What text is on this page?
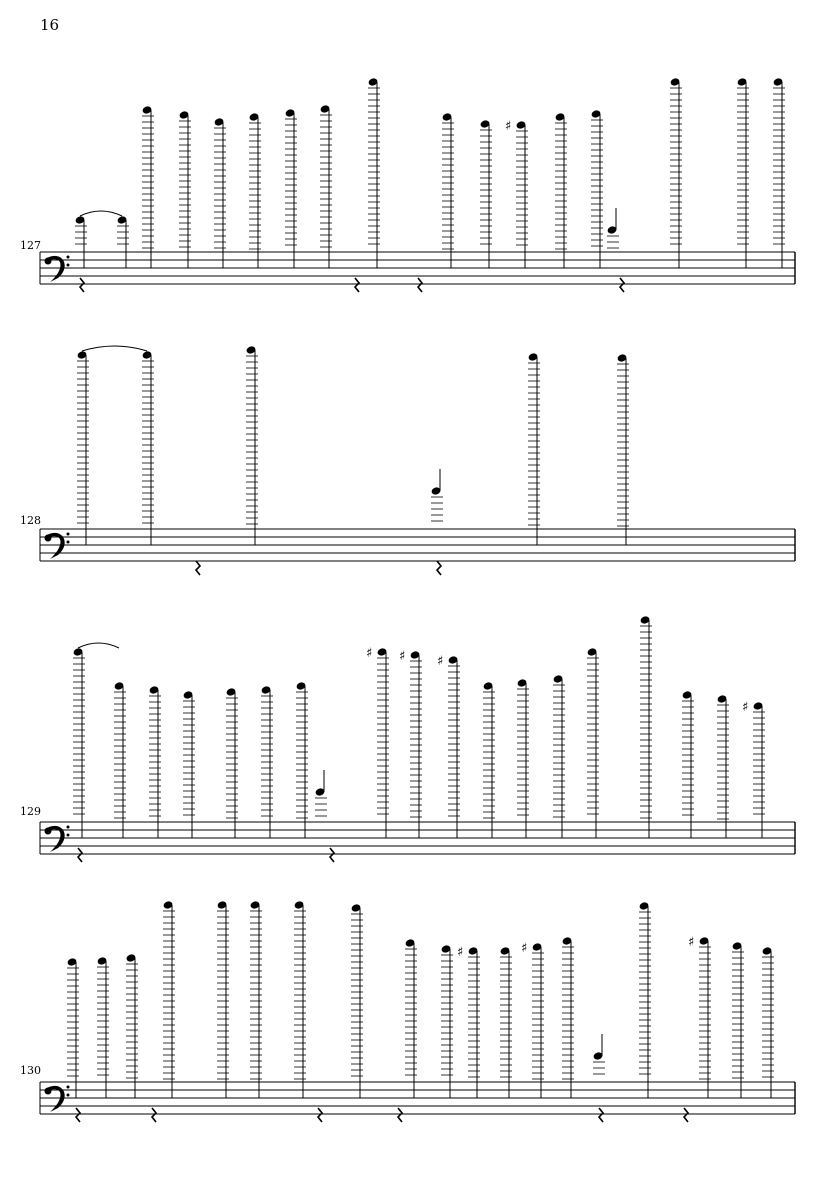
16
127
128
129
130
♯
♯ ♯ ♯
♯
♯	♯	♯
